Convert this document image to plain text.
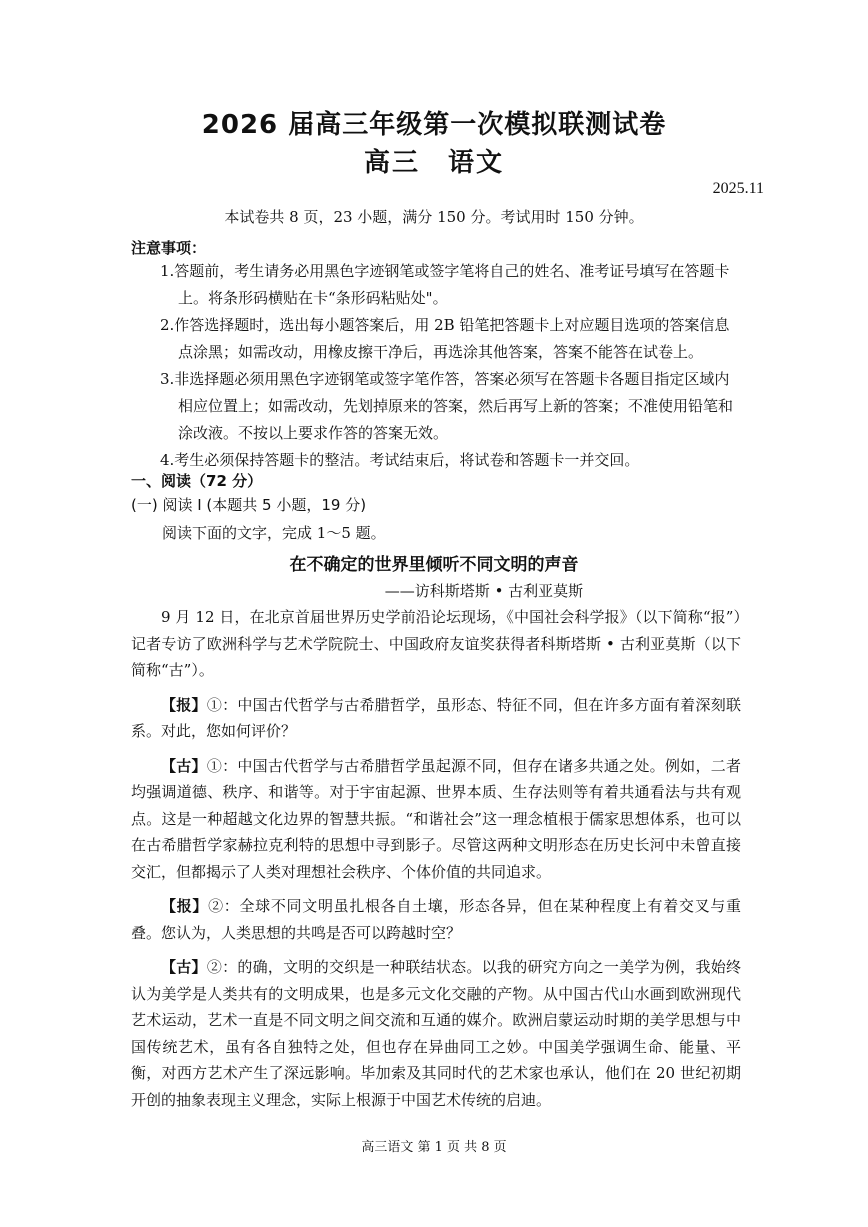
2026 届高三年级第一次模拟联测试卷
高三　语文
2025.11
本试卷共 8 页，23 小题，满分 150 分。考试用时 150 分钟。
注意事项：
1.答题前，考生请务必用黑色字迹钢笔或签字笔将自己的姓名、准考证号填写在答题卡上。将条形码横贴在卡“条形码粘贴处"。
2.作答选择题时，选出每小题答案后，用 2B 铅笔把答题卡上对应题目选项的答案信息点涂黑；如需改动，用橡皮擦干净后，再选涂其他答案，答案不能答在试卷上。
3.非选择题必须用黑色字迹钢笔或签字笔作答，答案必须写在答题卡各题目指定区域内相应位置上；如需改动，先划掉原来的答案，然后再写上新的答案；不准使用铅笔和涂改液。不按以上要求作答的答案无效。
4.考生必须保持答题卡的整洁。考试结束后，将试卷和答题卡一并交回。
一、阅读（72 分）
(一) 阅读 I (本题共 5 小题，19 分)
阅读下面的文字，完成 1～5 题。
在不确定的世界里倾听不同文明的声音
——访科斯塔斯 • 古利亚莫斯

9 月 12 日，在北京首届世界历史学前沿论坛现场，《中国社会科学报》（以下简称“报”）记者专访了欧洲科学与艺术学院院士、中国政府友谊奖获得者科斯塔斯 • 古利亚莫斯（以下简称“古”）。

【报】①：中国古代哲学与古希腊哲学，虽形态、特征不同，但在许多方面有着深刻联系。对此，您如何评价？

【古】①：中国古代哲学与古希腊哲学虽起源不同，但存在诸多共通之处。例如，二者均强调道德、秩序、和谐等。对于宇宙起源、世界本质、生存法则等有着共通看法与共有观点。这是一种超越文化边界的智慧共振。“和谐社会”这一理念植根于儒家思想体系，也可以在古希腊哲学家赫拉克利特的思想中寻到影子。尽管这两种文明形态在历史长河中未曾直接交汇，但都揭示了人类对理想社会秩序、个体价值的共同追求。

【报】②：全球不同文明虽扎根各自土壤，形态各异，但在某种程度上有着交叉与重叠。您认为，人类思想的共鸣是否可以跨越时空？

【古】②：的确，文明的交织是一种联结状态。以我的研究方向之一美学为例，我始终认为美学是人类共有的文明成果，也是多元文化交融的产物。从中国古代山水画到欧洲现代艺术运动，艺术一直是不同文明之间交流和互通的媒介。欧洲启蒙运动时期的美学思想与中国传统艺术，虽有各自独特之处，但也存在异曲同工之妙。中国美学强调生命、能量、平衡，对西方艺术产生了深远影响。毕加索及其同时代的艺术家也承认，他们在 20 世纪初期开创的抽象表现主义理念，实际上根源于中国艺术传统的启迪。

高三语文 第 1 页 共 8 页
